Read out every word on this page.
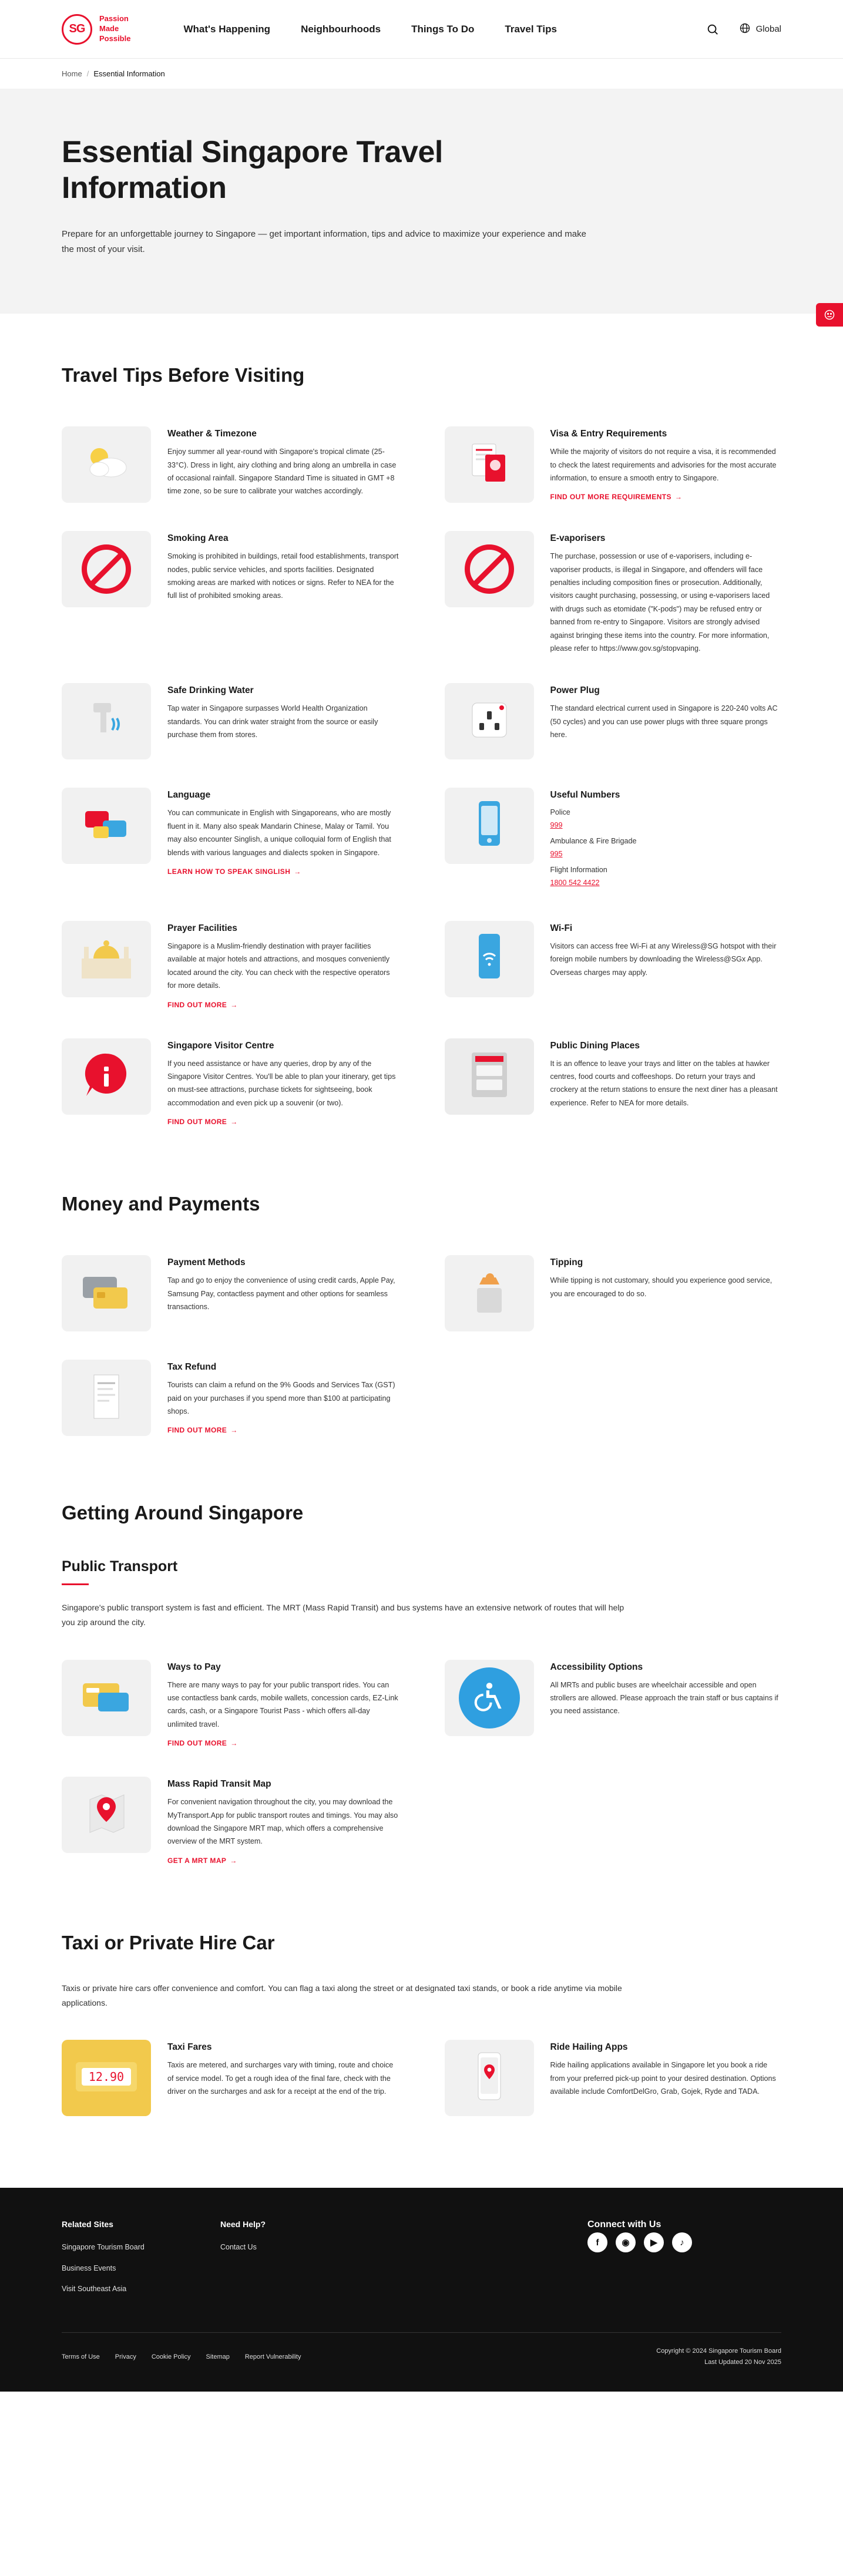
SG
Passion
Made
Possible
What's Happening	Neighbourhoods	Things To Do	Travel Tips	Global
Home / Essential Information
Essential Singapore Travel Information

Prepare for an unforgettable journey to Singapore — get important information, tips and advice to maximize your experience and make the most of your visit.

Travel Tips Before Visiting
Weather & Timezone
Enjoy summer all year-round with Singapore's tropical climate (25-33°C). Dress in light, airy clothing and bring along an umbrella in case of occasional rainfall. Singapore Standard Time is situated in GMT +8 time zone, so be sure to calibrate your watches accordingly.
Visa & Entry Requirements
While the majority of visitors do not require a visa, it is recommended to check the latest requirements and advisories for the most accurate information, to ensure a smooth entry to Singapore.
FIND OUT MORE REQUIREMENTS →
Smoking Area
Smoking is prohibited in buildings, retail food establishments, transport nodes, public service vehicles, and sports facilities. Designated smoking areas are marked with notices or signs. Refer to NEA for the full list of prohibited smoking areas.
E-vaporisers
The purchase, possession or use of e-vaporisers, including e-vaporiser products, is illegal in Singapore, and offenders will face penalties including composition fines or prosecution. Additionally, visitors caught purchasing, possessing, or using e-vaporisers laced with drugs such as etomidate ("K-pods") may be refused entry or banned from re-entry to Singapore. Visitors are strongly advised against bringing these items into the country. For more information, please refer to https://www.gov.sg/stopvaping.
Safe Drinking Water
Tap water in Singapore surpasses World Health Organization standards. You can drink water straight from the source or easily purchase them from stores.
Power Plug
The standard electrical current used in Singapore is 220-240 volts AC (50 cycles) and you can use power plugs with three square prongs here.
Language
You can communicate in English with Singaporeans, who are mostly fluent in it. Many also speak Mandarin Chinese, Malay or Tamil. You may also encounter Singlish, a unique colloquial form of English that blends with various languages and dialects spoken in Singapore.
LEARN HOW TO SPEAK SINGLISH →
Useful Numbers
Police
999
Ambulance & Fire Brigade
995
Flight Information
1800 542 4422
Prayer Facilities
Singapore is a Muslim-friendly destination with prayer facilities available at major hotels and attractions, and mosques conveniently located around the city. You can check with the respective operators for more details.
FIND OUT MORE →
Wi-Fi
Visitors can access free Wi-Fi at any Wireless@SG hotspot with their foreign mobile numbers by downloading the Wireless@SGx App. Overseas charges may apply.
Singapore Visitor Centre
If you need assistance or have any queries, drop by any of the Singapore Visitor Centres. You'll be able to plan your itinerary, get tips on must-see attractions, purchase tickets for sightseeing, book accommodation and even pick up a souvenir (or two).
FIND OUT MORE →
Public Dining Places
It is an offence to leave your trays and litter on the tables at hawker centres, food courts and coffeeshops. Do return your trays and crockery at the return stations to ensure the next diner has a pleasant experience. Refer to NEA for more details.
Money and Payments
Payment Methods
Tap and go to enjoy the convenience of using credit cards, Apple Pay, Samsung Pay, contactless payment and other options for seamless transactions.
Tipping
While tipping is not customary, should you experience good service, you are encouraged to do so.
Tax Refund
Tourists can claim a refund on the 9% Goods and Services Tax (GST) paid on your purchases if you spend more than $100 at participating shops.
FIND OUT MORE →
Getting Around Singapore
Public Transport
Singapore's public transport system is fast and efficient. The MRT (Mass Rapid Transit) and bus systems have an extensive network of routes that will help you zip around the city.
Ways to Pay
There are many ways to pay for your public transport rides. You can use contactless bank cards, mobile wallets, concession cards, EZ-Link cards, cash, or a Singapore Tourist Pass - which offers all-day unlimited travel.
FIND OUT MORE →
Accessibility Options
All MRTs and public buses are wheelchair accessible and open strollers are allowed. Please approach the train staff or bus captains if you need assistance.
Mass Rapid Transit Map
For convenient navigation throughout the city, you may download the MyTransport.App for public transport routes and timings. You may also download the Singapore MRT map, which offers a comprehensive overview of the MRT system.
GET A MRT MAP →
Taxi or Private Hire Car
Taxis or private hire cars offer convenience and comfort. You can flag a taxi along the street or at designated taxi stands, or book a ride anytime via mobile applications.
12.90
Taxi Fares
Taxis are metered, and surcharges vary with timing, route and choice of service model. To get a rough idea of the final fare, check with the driver on the surcharges and ask for a receipt at the end of the trip.
Ride Hailing Apps
Ride hailing applications available in Singapore let you book a ride from your preferred pick-up point to your desired destination. Options available include ComfortDelGro, Grab, Gojek, Ryde and TADA.
Related Sites
Singapore Tourism Board
Business Events
Visit Southeast Asia
Need Help?
Contact Us
Connect with Us
f	◉	▶	♪
Terms of Use Privacy Cookie Policy Sitemap Report Vulnerability
Copyright © 2024 Singapore Tourism Board
Last Updated 20 Nov 2025
